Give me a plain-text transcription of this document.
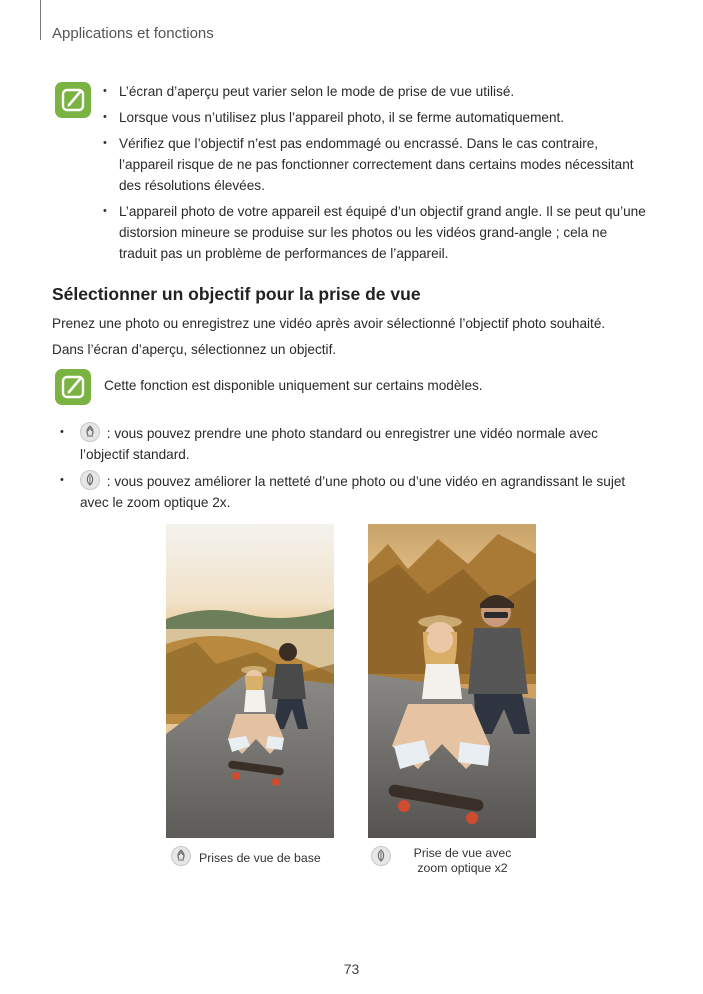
Applications et fonctions
• L’écran d’aperçu peut varier selon le mode de prise de vue utilisé.
• Lorsque vous n’utilisez plus l’appareil photo, il se ferme automatiquement.
• Vérifiez que l’objectif n’est pas endommagé ou encrassé. Dans le cas contraire, l’appareil risque de ne pas fonctionner correctement dans certains modes nécessitant des résolutions élevées.
• L’appareil photo de votre appareil est équipé d’un objectif grand angle. Il se peut qu’une distorsion mineure se produise sur les photos ou les vidéos grand-angle ; cela ne traduit pas un problème de performances de l’appareil.
Sélectionner un objectif pour la prise de vue
Prenez une photo ou enregistrez une vidéo après avoir sélectionné l’objectif photo souhaité.
Dans l’écran d’aperçu, sélectionnez un objectif.
Cette fonction est disponible uniquement sur certains modèles.
•	: vous pouvez prendre une photo standard ou enregistrer une vidéo normale avec l’objectif standard.
•	: vous pouvez améliorer la netteté d’une photo ou d’une vidéo en agrandissant le sujet avec le zoom optique 2x.
Prises de vue de base	Prise de vue avec zoom optique x2
73
